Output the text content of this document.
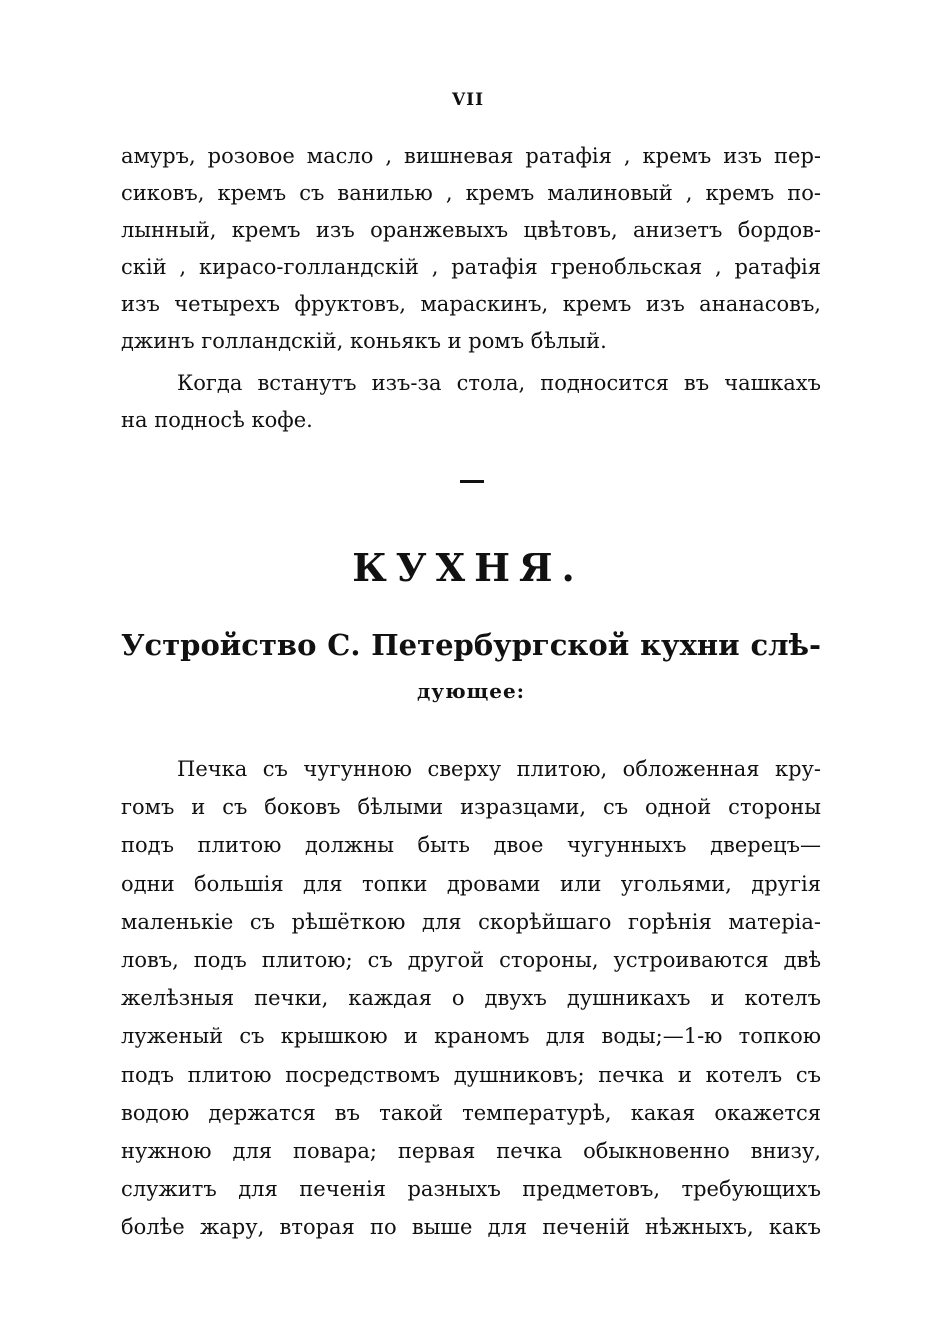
VII
амуръ, розовое масло , вишневая ратафія , кремъ изъ пер-
сиковъ, кремъ съ ванилью , кремъ малиновый , кремъ по-
лынный, кремъ изъ оранжевыхъ цвѣтовъ, анизетъ бордов-
скій , кирасо-голландскій , ратафія гренобльская , ратафія
изъ четырехъ фруктовъ, мараскинъ, кремъ изъ ананасовъ,
джинъ голландскій, коньякъ и ромъ бѣлый.
Когда встанутъ изъ-за стола, подносится въ чашкахъ
на подносѣ кофе.
КУХНЯ.
Устройство С. Петербургской кухни слѣ-
дующее:
Печка съ чугунною сверху плитою, обложенная кру-
гомъ и съ боковъ бѣлыми изразцами, съ одной стороны
подъ плитою должны быть двое чугунныхъ дверецъ—
одни большія для топки дровами или угольями, другія
маленькіе съ рѣшёткою для скорѣйшаго горѣнія матеріа-
ловъ, подъ плитою; съ другой стороны, устроиваются двѣ
желѣзныя печки, каждая о двухъ душникахъ и котелъ
луженый съ крышкою и краномъ для воды;—1-ю топкою
подъ плитою посредствомъ душниковъ; печка и котелъ съ
водою держатся въ такой температурѣ, какая окажется
нужною для повара; первая печка обыкновенно внизу,
служитъ для печенія разныхъ предметовъ, требующихъ
болѣе жару, вторая по выше для печеній нѣжныхъ, какъ
